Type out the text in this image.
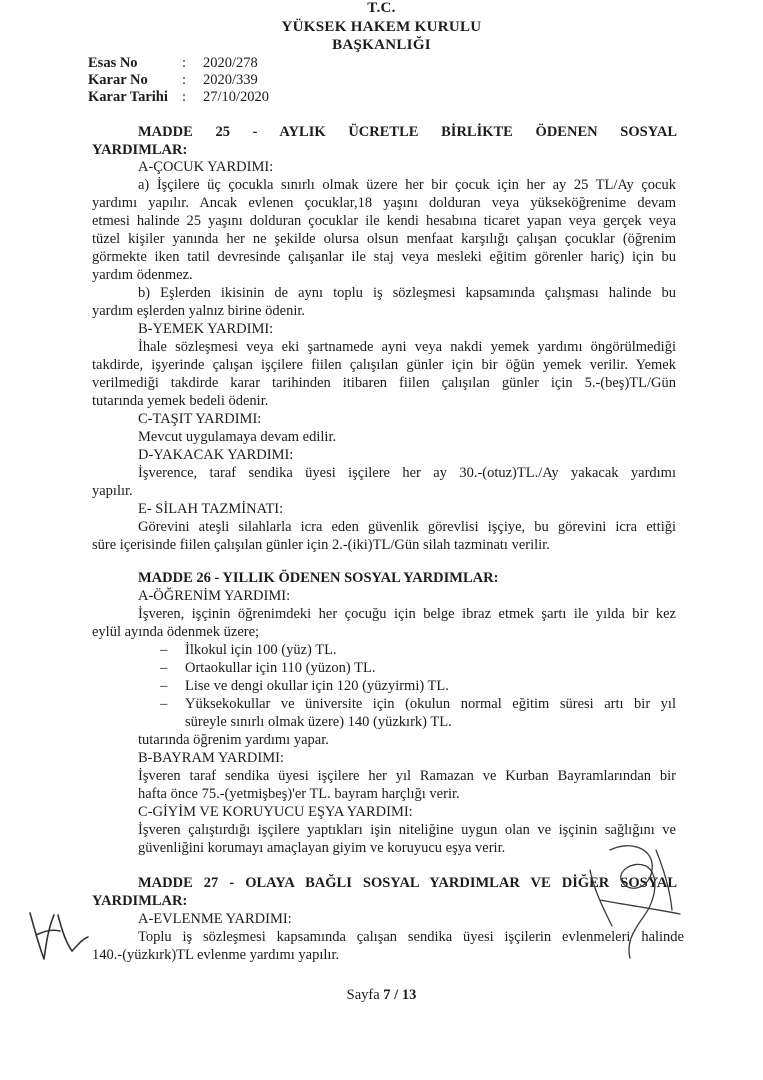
T.C.
YÜKSEK HAKEM KURULU
BAŞKANLIĞI
Esas No	: 2020/278
Karar No : 2020/339
Karar Tarihi : 27/10/2020
MADDE 25 - AYLIK ÜCRETLE BİRLİKTE ÖDENEN SOSYAL
YARDIMLAR:
A-ÇOCUK YARDIMI:
a) İşçilere üç çocukla sınırlı olmak üzere her bir çocuk için her ay 25 TL/Ay çocuk
yardımı yapılır. Ancak evlenen çocuklar,18 yaşını dolduran veya yükseköğrenime devam
etmesi halinde 25 yaşını dolduran çocuklar ile kendi hesabına ticaret yapan veya gerçek veya
tüzel kişiler yanında her ne şekilde olursa olsun menfaat karşılığı çalışan çocuklar (öğrenim
görmekte iken tatil devresinde çalışanlar ile staj veya mesleki eğitim görenler hariç) için bu
yardım ödenmez.
b) Eşlerden ikisinin de aynı toplu iş sözleşmesi kapsamında çalışması halinde bu
yardım eşlerden yalnız birine ödenir.
B-YEMEK YARDIMI:
İhale sözleşmesi veya eki şartnamede ayni veya nakdi yemek yardımı öngörülmediği
takdirde, işyerinde çalışan işçilere fiilen çalışılan günler için bir öğün yemek verilir. Yemek
verilmediği takdirde karar tarihinden itibaren fiilen çalışılan günler için 5.-(beş)TL/Gün
tutarında yemek bedeli ödenir.
C-TAŞIT YARDIMI:
Mevcut uygulamaya devam edilir.
D-YAKACAK YARDIMI:
İşverence, taraf sendika üyesi işçilere her ay 30.-(otuz)TL./Ay yakacak yardımı
yapılır.
E- SİLAH TAZMİNATI:
Görevini ateşli silahlarla icra eden güvenlik görevlisi işçiye, bu görevini icra ettiği
süre içerisinde fiilen çalışılan günler için 2.-(iki)TL/Gün silah tazminatı verilir.
MADDE 26 - YILLIK ÖDENEN SOSYAL YARDIMLAR:
A-ÖĞRENİM YARDIMI:
İşveren, işçinin öğrenimdeki her çocuğu için belge ibraz etmek şartı ile yılda bir kez
eylül ayında ödenmek üzere;
– İlkokul için 100 (yüz) TL.
– Ortaokullar için 110 (yüzon) TL.
– Lise ve dengi okullar için 120 (yüzyirmi) TL.
– Yüksekokullar ve üniversite için (okulun normal eğitim süresi artı bir yıl
süreyle sınırlı olmak üzere) 140 (yüzkırk) TL.
tutarında öğrenim yardımı yapar.
B-BAYRAM YARDIMI:
İşveren taraf sendika üyesi işçilere her yıl Ramazan ve Kurban Bayramlarından bir
hafta önce 75.-(yetmişbeş)'er TL. bayram harçlığı verir.
C-GİYİM VE KORUYUCU EŞYA YARDIMI:
İşveren çalıştırdığı işçilere yaptıkları işin niteliğine uygun olan ve işçinin sağlığını ve
güvenliğini korumayı amaçlayan giyim ve koruyucu eşya verir.
MADDE 27 - OLAYA BAĞLI SOSYAL YARDIMLAR VE DİĞER SOSYAL
YARDIMLAR:
A-EVLENME YARDIMI:
Toplu iş sözleşmesi kapsamında çalışan sendika üyesi işçilerin evlenmeleri halinde
140.-(yüzkırk)TL evlenme yardımı yapılır.
Sayfa 7 / 13
